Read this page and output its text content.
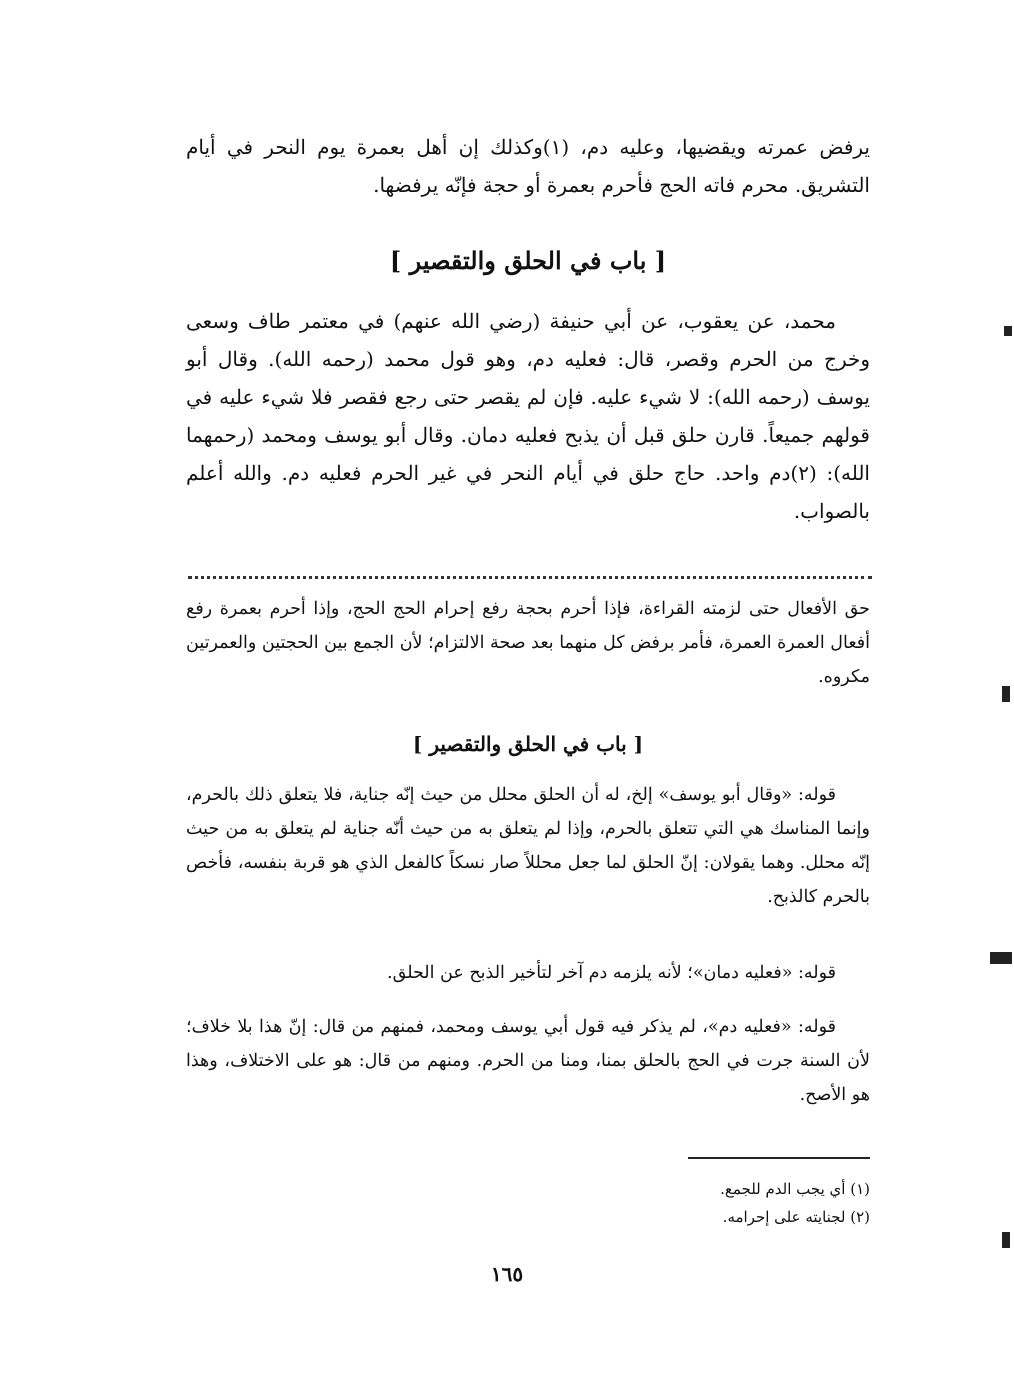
يرفض عمرته ويقضيها، وعليه دم، (١)وكذلك إن أهل بعمرة يوم النحر في أيام التشريق. محرم فاته الحج فأحرم بعمرة أو حجة فإنّه يرفضها.

[ باب في الحلق والتقصير ]

محمد، عن يعقوب، عن أبي حنيفة (رضي الله عنهم) في معتمر طاف وسعى وخرج من الحرم وقصر، قال: فعليه دم، وهو قول محمد (رحمه الله). وقال أبو يوسف (رحمه الله): لا شيء عليه. فإن لم يقصر حتى رجع فقصر فلا شيء عليه في قولهم جميعاً. قارن حلق قبل أن يذبح فعليه دمان. وقال أبو يوسف ومحمد (رحمهما الله): (٢)دم واحد. حاج حلق في أيام النحر في غير الحرم فعليه دم. والله أعلم بالصواب.

حق الأفعال حتى لزمته القراءة، فإذا أحرم بحجة رفع إحرام الحج الحج، وإذا أحرم بعمرة رفع أفعال العمرة العمرة، فأمر برفض كل منهما بعد صحة الالتزام؛ لأن الجمع بين الحجتين والعمرتين مكروه.

[ باب في الحلق والتقصير ]

قوله: «وقال أبو يوسف» إلخ، له أن الحلق محلل من حيث إنّه جناية، فلا يتعلق ذلك بالحرم، وإنما المناسك هي التي تتعلق بالحرم، وإذا لم يتعلق به من حيث أنّه جناية لم يتعلق به من حيث إنّه محلل. وهما يقولان: إنّ الحلق لما جعل محللاً صار نسكاً كالفعل الذي هو قربة بنفسه، فأخص بالحرم كالذبح.

قوله: «فعليه دمان»؛ لأنه يلزمه دم آخر لتأخير الذبح عن الحلق.

قوله: «فعليه دم»، لم يذكر فيه قول أبي يوسف ومحمد، فمنهم من قال: إنّ هذا بلا خلاف؛ لأن السنة جرت في الحج بالحلق بمنا، ومنا من الحرم. ومنهم من قال: هو على الاختلاف، وهذا هو الأصح.

(١) أي يجب الدم للجمع.
(٢) لجنايته على إحرامه.
١٦٥
